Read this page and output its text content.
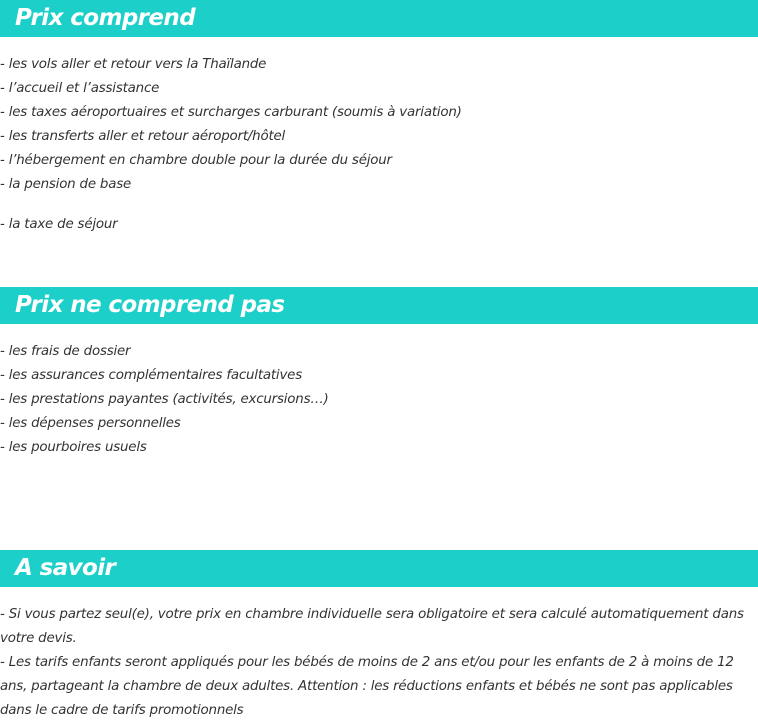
Prix comprend
- les vols aller et retour vers la Thaïlande
- l’accueil et l’assistance
- les taxes aéroportuaires et surcharges carburant (soumis à variation)
- les transferts aller et retour aéroport/hôtel
- l’hébergement en chambre double pour la durée du séjour
- la pension de base
- la taxe de séjour
Prix ne comprend pas
- les frais de dossier
- les assurances complémentaires facultatives
- les prestations payantes (activités, excursions…)
- les dépenses personnelles
- les pourboires usuels
A savoir

- Si vous partez seul(e), votre prix en chambre individuelle sera obligatoire et sera calculé automatiquement dans votre devis.

- Les tarifs enfants seront appliqués pour les bébés de moins de 2 ans et/ou pour les enfants de 2 à moins de 12 ans, partageant la chambre de deux adultes. Attention : les réductions enfants et bébés ne sont pas applicables dans le cadre de tarifs promotionnels
